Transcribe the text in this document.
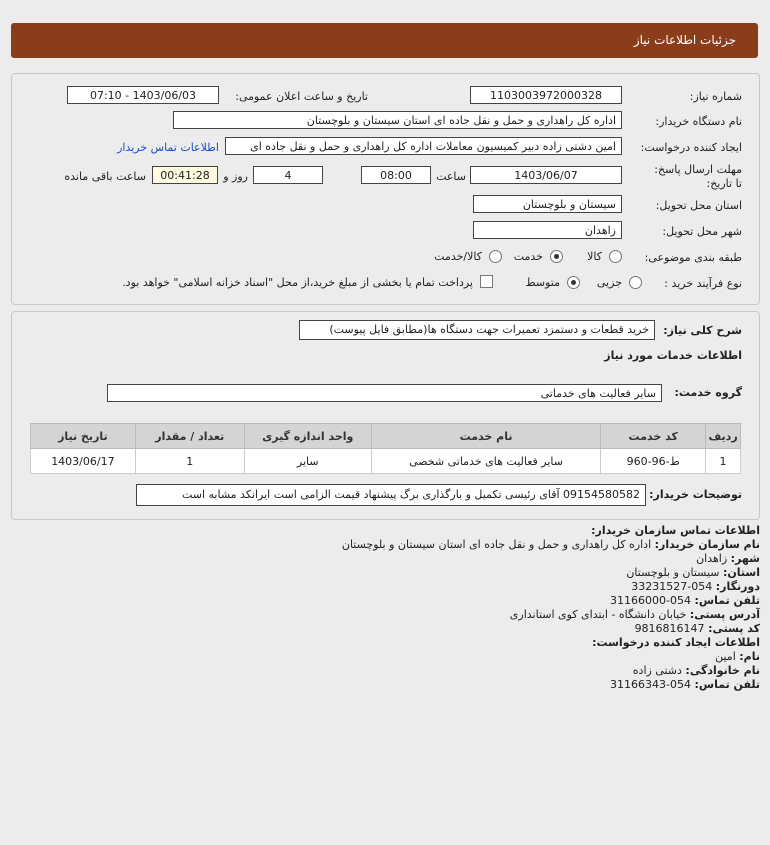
جزئیات اطلاعات نیاز
شماره نیاز:
1103003972000328
تاریخ و ساعت اعلان عمومی:
1403/06/03 - 07:10
نام دستگاه خریدار:
اداره کل راهداری و حمل و نقل جاده ای استان سیستان و بلوچستان
ایجاد کننده درخواست:
امین دشتی زاده دبیر کمیسیون معاملات اداره کل راهداری و حمل و نقل جاده ای
اطلاعات تماس خریدار
مهلت ارسال پاسخ: تا تاریخ:
1403/06/07
ساعت
08:00
4
روز و
00:41:28
ساعت باقی مانده
استان محل تحویل:
سیستان و بلوچستان
شهر محل تحویل:
زاهدان
طبقه بندی موضوعی:
کالا
خدمت
کالا/خدمت
نوع فرآیند خرید :
جزیی
متوسط
پرداخت تمام یا بخشی از مبلغ خرید،از محل "اسناد خزانه اسلامی" خواهد بود.
شرح کلی نیاز:
خرید قطعات و دستمزد تعمیرات جهت دستگاه ها(مطابق فایل پیوست)
اطلاعات خدمات مورد نیاز
گروه خدمت:
سایر فعالیت های خدماتی
ردیف	کد خدمت	نام خدمت	واحد اندازه گیری	تعداد / مقدار	تاریخ نیاز
1	ط-96-960	سایر فعالیت های خدماتی شخصی	سایر	1	1403/06/17
توضیحات خریدار:
09154580582 آقای رئیسی تکمیل و بارگذاری برگ پیشنهاد قیمت الزامی است ایرانکد مشابه است
اطلاعات تماس سازمان خریدار:
نام سازمان خریدار: اداره کل راهداری و حمل و نقل جاده ای استان سیستان و بلوچستان
شهر: زاهدان
استان: سیستان و بلوچستان
دورنگار: 054-33231527
تلفن تماس: 054-31166000
آدرس پستی: خیابان دانشگاه - ابتدای کوی استانداری
کد پستی: 9816816147
اطلاعات ایجاد کننده درخواست:
نام: امین
نام خانوادگی: دشتی زاده
تلفن تماس: 054-31166343
